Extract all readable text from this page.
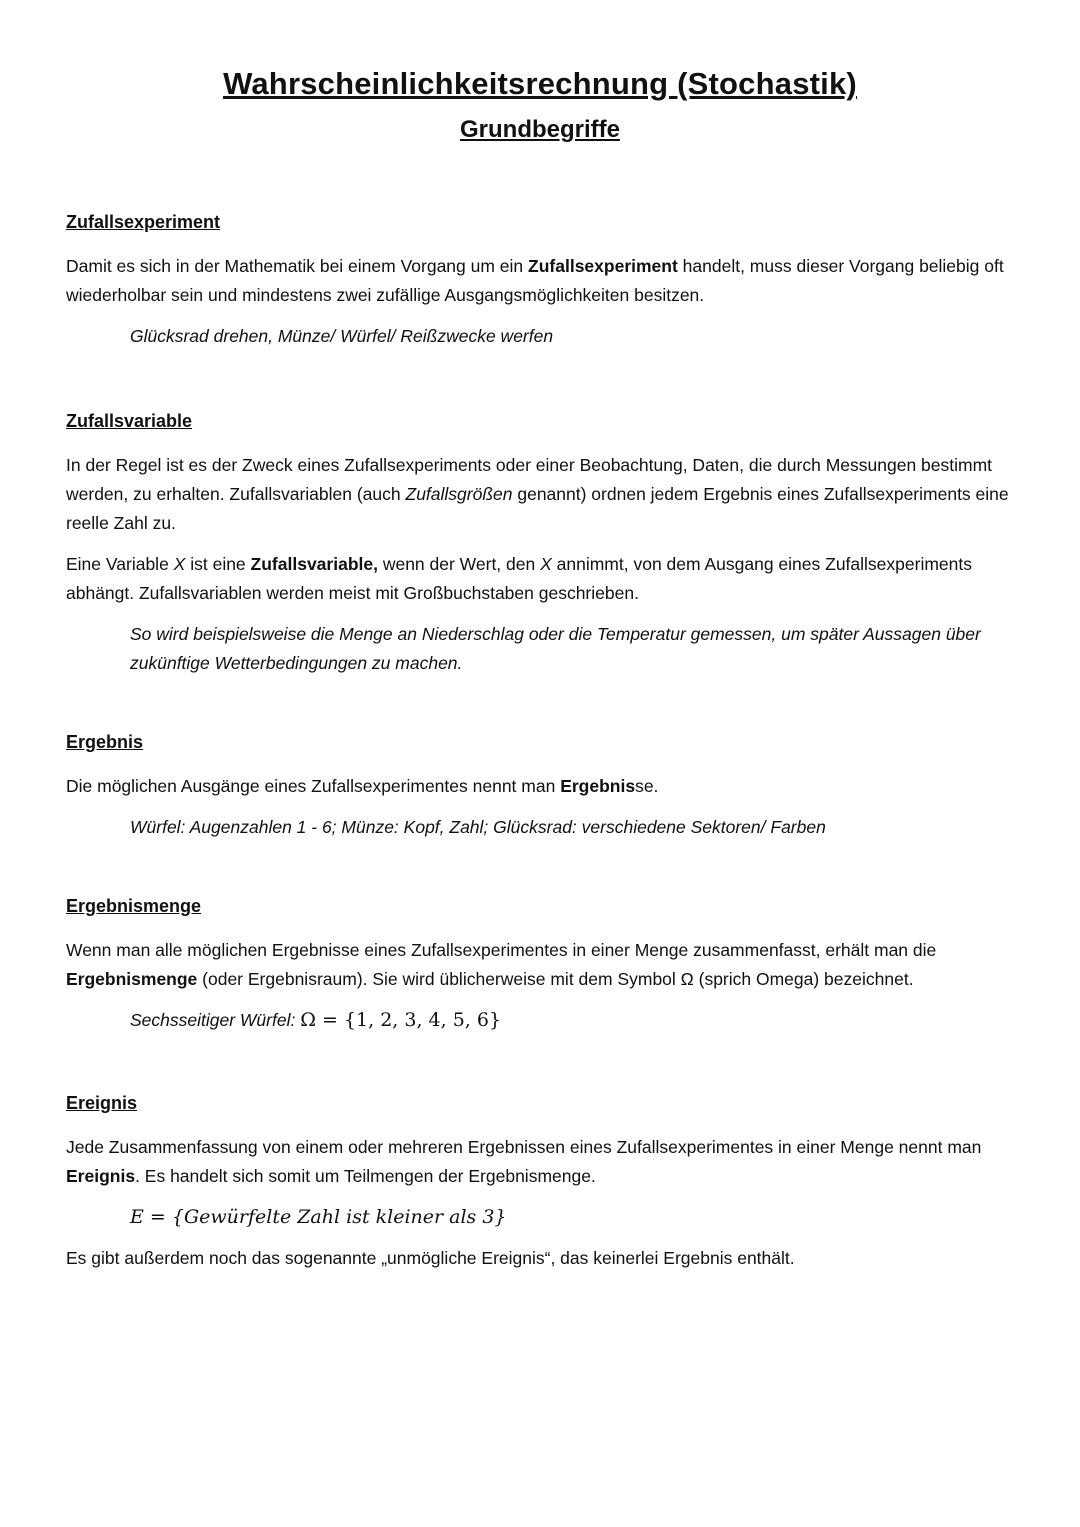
Wahrscheinlichkeitsrechnung (Stochastik)
Grundbegriffe
Zufallsexperiment

Damit es sich in der Mathematik bei einem Vorgang um ein Zufallsexperiment handelt, muss dieser Vorgang beliebig oft wiederholbar sein und mindestens zwei zufällige Ausgangsmöglichkeiten besitzen.

Glücksrad drehen, Münze/ Würfel/ Reißzwecke werfen

Zufallsvariable

In der Regel ist es der Zweck eines Zufallsexperiments oder einer Beobachtung, Daten, die durch Messungen bestimmt werden, zu erhalten. Zufallsvariablen (auch Zufallsgrößen genannt) ordnen jedem Ergebnis eines Zufallsexperiments eine reelle Zahl zu.

Eine Variable X ist eine Zufallsvariable, wenn der Wert, den X annimmt, von dem Ausgang eines Zufallsexperiments abhängt. Zufallsvariablen werden meist mit Großbuchstaben geschrieben.

So wird beispielsweise die Menge an Niederschlag oder die Temperatur gemessen, um später Aussagen über zukünftige Wetterbedingungen zu machen.

Ergebnis

Die möglichen Ausgänge eines Zufallsexperimentes nennt man Ergebnisse.

Würfel: Augenzahlen 1 - 6; Münze: Kopf, Zahl; Glücksrad: verschiedene Sektoren/ Farben

Ergebnismenge

Wenn man alle möglichen Ergebnisse eines Zufallsexperimentes in einer Menge zusammenfasst, erhält man die Ergebnismenge (oder Ergebnisraum). Sie wird üblicherweise mit dem Symbol Ω (sprich Omega) bezeichnet.

Sechsseitiger Würfel: Ω = {1, 2, 3, 4, 5, 6}

Ereignis

Jede Zusammenfassung von einem oder mehreren Ergebnissen eines Zufallsexperimentes in einer Menge nennt man Ereignis. Es handelt sich somit um Teilmengen der Ergebnismenge.

E = {Gewürfelte Zahl ist kleiner als 3}

Es gibt außerdem noch das sogenannte „unmögliche Ereignis“, das keinerlei Ergebnis enthält.
